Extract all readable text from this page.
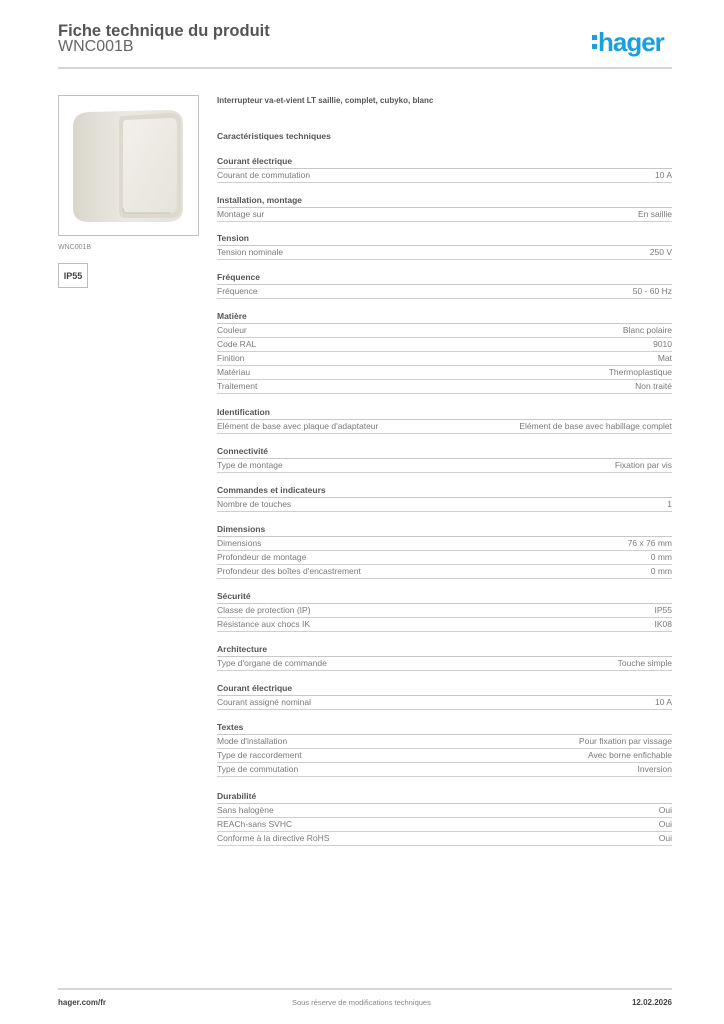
Fiche technique du produit
WNC001B	hager
WNC001B
IP55
Interrupteur va-et-vient LT saillie, complet, cubyko, blanc
Caractéristiques techniques
Courant électrique
Courant de commutation	10 A
Installation, montage
Montage sur	En saillie
Tension
Tension nominale	250 V
Fréquence
Fréquence	50 - 60 Hz
Matière
Couleur	Blanc polaire
Code RAL	9010
Finition	Mat
Matériau	Thermoplastique
Traitement	Non traité
Identification
Elément de base avec plaque d'adaptateur	Elément de base avec habillage complet
Connectivité
Type de montage	Fixation par vis
Commandes et indicateurs
Nombre de touches	1
Dimensions
Dimensions	76 x 76 mm
Profondeur de montage	0 mm
Profondeur des boîtes d'encastrement	0 mm
Sécurité
Classe de protection (IP)	IP55
Résistance aux chocs IK	IK08
Architecture
Type d'organe de commande	Touche simple
Courant électrique
Courant assigné nominal	10 A
Textes
Mode d'installation	Pour fixation par vissage
Type de raccordement	Avec borne enfichable
Type de commutation	Inversion
Durabilité
Sans halogène	Oui
REACh-sans SVHC	Oui
Conforme à la directive RoHS	Oui
hager.com/fr	Sous réserve de modifications techniques	12.02.2026
